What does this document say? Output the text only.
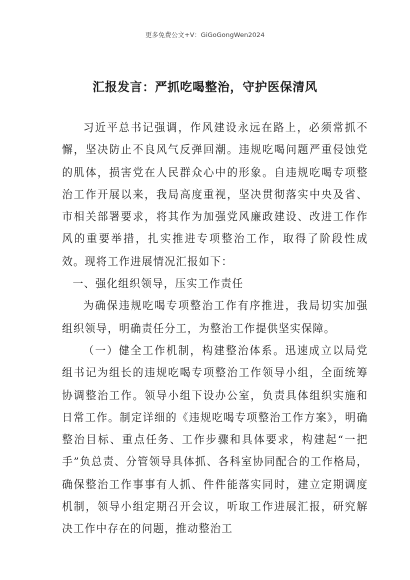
更多免费公文+V：GiGoGongWen2024
汇报发言：严抓吃喝整治，守护医保清风

习近平总书记强调，作风建设永远在路上，必须常抓不懈，坚决防止不良风气反弹回潮。违规吃喝问题严重侵蚀党的肌体，损害党在人民群众心中的形象。自违规吃喝专项整治工作开展以来，我局高度重视，坚决贯彻落实中央及省、市相关部署要求，将其作为加强党风廉政建设、改进工作作风的重要举措，扎实推进专项整治工作，取得了阶段性成效。现将工作进展情况汇报如下：

一、强化组织领导，压实工作责任

为确保违规吃喝专项整治工作有序推进，我局切实加强组织领导，明确责任分工，为整治工作提供坚实保障。

（一）健全工作机制，构建整治体系。迅速成立以局党组书记为组长的违规吃喝专项整治工作领导小组，全面统筹协调整治工作。领导小组下设办公室，负责具体组织实施和日常工作。制定详细的《违规吃喝专项整治工作方案》，明确整治目标、重点任务、工作步骤和具体要求，构建起“一把手”负总责、分管领导具体抓、各科室协同配合的工作格局，确保整治工作事事有人抓、件件能落实同时，建立定期调度机制，领导小组定期召开会议，听取工作进展汇报，研究解决工作中存在的问题，推动整治工
